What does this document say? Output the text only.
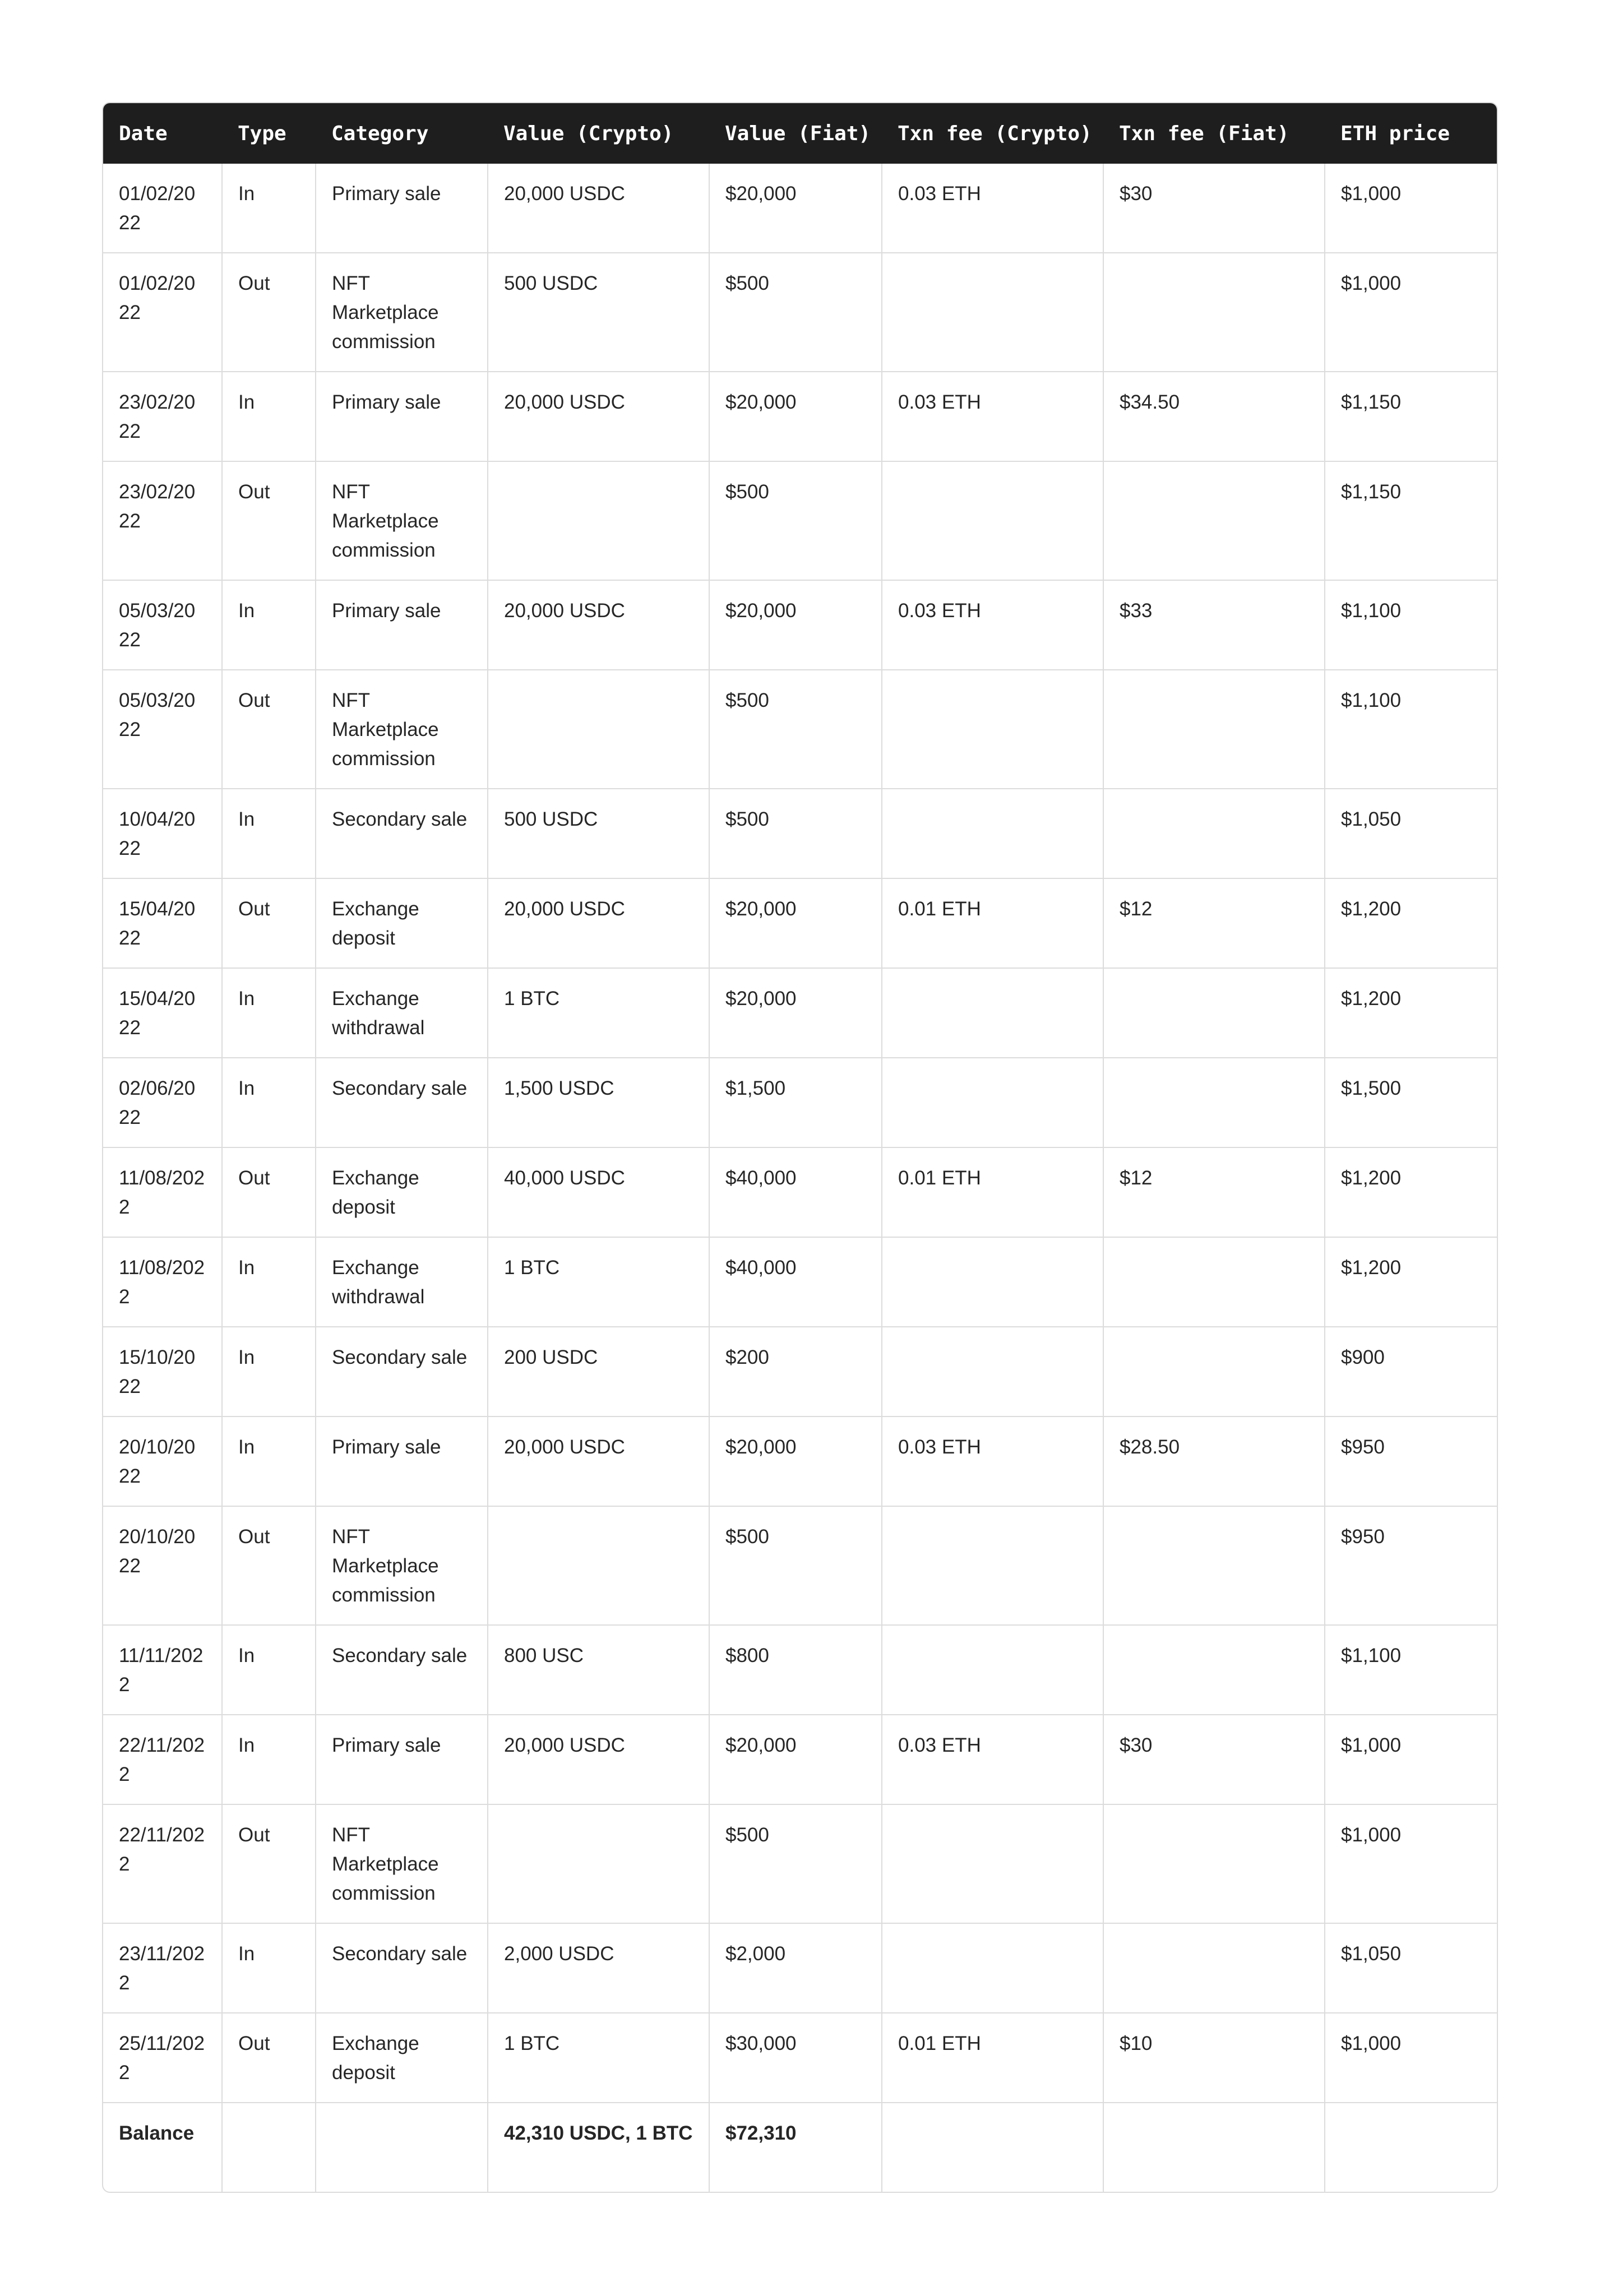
Date	Type	Category	Value (Crypto)	Value (Fiat)	Txn fee (Crypto)	Txn fee (Fiat)	ETH price
01/02/2022	In	Primary sale	20,000 USDC	$20,000	0.03 ETH	$30	$1,000
01/02/2022	Out	NFT Marketplace commission	500 USDC	$500			$1,000
23/02/2022	In	Primary sale	20,000 USDC	$20,000	0.03 ETH	$34.50	$1,150
23/02/2022	Out	NFT Marketplace commission		$500			$1,150
05/03/2022	In	Primary sale	20,000 USDC	$20,000	0.03 ETH	$33	$1,100
05/03/2022	Out	NFT Marketplace commission		$500			$1,100
10/04/2022	In	Secondary sale	500 USDC	$500			$1,050
15/04/2022	Out	Exchange deposit	20,000 USDC	$20,000	0.01 ETH	$12	$1,200
15/04/2022	In	Exchange withdrawal	1 BTC	$20,000			$1,200
02/06/2022	In	Secondary sale	1,500 USDC	$1,500			$1,500
11/08/2022	Out	Exchange deposit	40,000 USDC	$40,000	0.01 ETH	$12	$1,200
11/08/2022	In	Exchange withdrawal	1 BTC	$40,000			$1,200
15/10/2022	In	Secondary sale	200 USDC	$200			$900
20/10/2022	In	Primary sale	20,000 USDC	$20,000	0.03 ETH	$28.50	$950
20/10/2022	Out	NFT Marketplace commission		$500			$950
11/11/2022	In	Secondary sale	800 USC	$800			$1,100
22/11/2022	In	Primary sale	20,000 USDC	$20,000	0.03 ETH	$30	$1,000
22/11/2022	Out	NFT Marketplace commission		$500			$1,000
23/11/2022	In	Secondary sale	2,000 USDC	$2,000			$1,050
25/11/2022	Out	Exchange deposit	1 BTC	$30,000	0.01 ETH	$10	$1,000
Balance			42,310 USDC, 1 BTC	$72,310			
